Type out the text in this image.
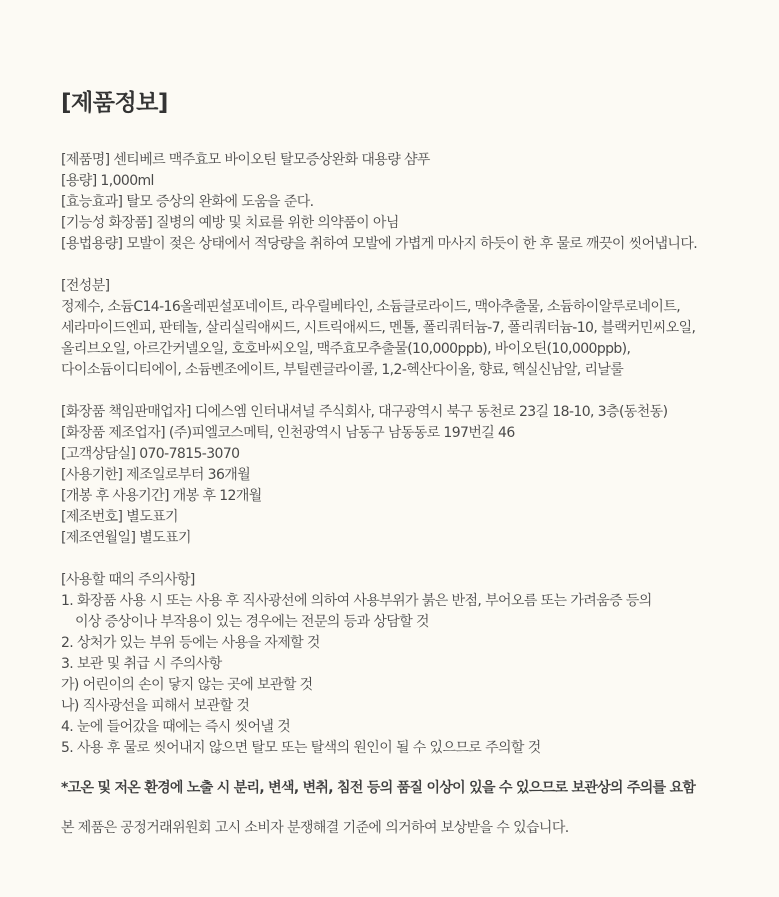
[제품정보]
[제품명] 센티베르 맥주효모 바이오틴 탈모증상완화 대용량 샴푸
[용량] 1,000ml
[효능효과] 탈모 증상의 완화에 도움을 준다.
[기능성 화장품] 질병의 예방 및 치료를 위한 의약품이 아님
[용법용량] 모발이 젖은 상태에서 적당량을 취하여 모발에 가볍게 마사지 하듯이 한 후 물로 깨끗이 씻어냅니다.
[전성분]
정제수, 소듐C14-16올레핀설포네이트, 라우릴베타인, 소듐클로라이드, 맥아추출물, 소듐하이알루로네이트,
세라마이드엔피, 판테놀, 살리실릭애씨드, 시트릭애씨드, 멘톨, 폴리쿼터늄-7, 폴리쿼터늄-10, 블랙커민씨오일,
올리브오일, 아르간커넬오일, 호호바씨오일, 맥주효모추출물(10,000ppb), 바이오틴(10,000ppb),
다이소듐이디티에이, 소듐벤조에이트, 부틸렌글라이콜, 1,2-헥산다이올, 향료, 헥실신남알, 리날룰
[화장품 책임판매업자] 디에스엠 인터내셔널 주식회사, 대구광역시 북구 동천로 23길 18-10, 3층(동천동)
[화장품 제조업자] (주)피엘코스메틱, 인천광역시 남동구 남동동로 197번길 46
[고객상담실] 070-7815-3070
[사용기한] 제조일로부터 36개월
[개봉 후 사용기간] 개봉 후 12개월
[제조번호] 별도표기
[제조연월일] 별도표기
[사용할 때의 주의사항]
1. 화장품 사용 시 또는 사용 후 직사광선에 의하여 사용부위가 붉은 반점, 부어오름 또는 가려움증 등의
이상 증상이나 부작용이 있는 경우에는 전문의 등과 상담할 것
2. 상처가 있는 부위 등에는 사용을 자제할 것
3. 보관 및 취급 시 주의사항
가) 어린이의 손이 닿지 않는 곳에 보관할 것
나) 직사광선을 피해서 보관할 것
4. 눈에 들어갔을 때에는 즉시 씻어낼 것
5. 사용 후 물로 씻어내지 않으면 탈모 또는 탈색의 원인이 될 수 있으므로 주의할 것
*고온 및 저온 환경에 노출 시 분리, 변색, 변취, 침전 등의 품질 이상이 있을 수 있으므로 보관상의 주의를 요함
본 제품은 공정거래위원회 고시 소비자 분쟁해결 기준에 의거하여 보상받을 수 있습니다.
